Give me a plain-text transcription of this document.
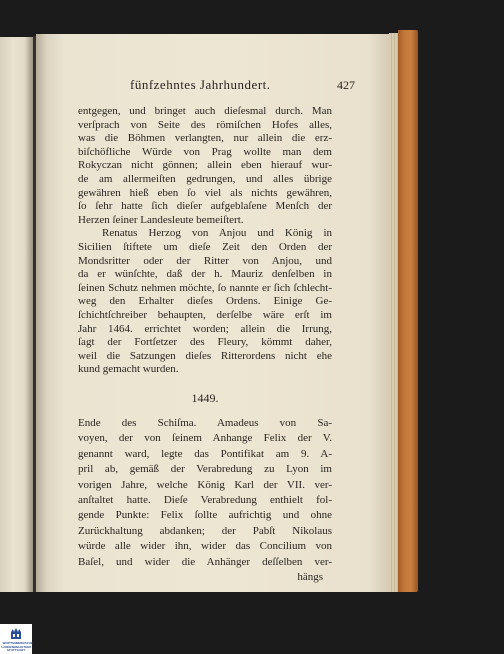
fünfzehntes Jahrhundert.	427
entgegen, und bringet auch dieſesmal durch. Man
verſprach von Seite des römiſchen Hofes alles,
was die Böhmen verlangten, nur allein die erz-
biſchöfliche Würde von Prag wollte man dem
Rokyczan nicht gönnen; allein eben hierauf wur-
de am allermeiſten gedrungen, und alles übrige
gewähren hieß eben ſo viel als nichts gewähren,
ſo ſehr hatte ſich dieſer aufgeblaſene Menſch der
Herzen ſeiner Landesleute bemeiſtert.
Renatus Herzog von Anjou und König in
Sicilien ſtiftete um dieſe Zeit den Orden der
Mondsritter oder der Ritter von Anjou, und
da er wünſchte, daß der h. Mauriz denſelben in
ſeinen Schutz nehmen möchte, ſo nannte er ſich ſchlecht-
weg den Erhalter dieſes Ordens. Einige Ge-
ſchichtſchreiber behaupten, derſelbe wäre erſt im
Jahr 1464. errichtet worden; allein die Irrung,
ſagt der Fortſetzer des Fleury, kömmt daher,
weil die Satzungen dieſes Ritterordens nicht ehe
kund gemacht wurden.
1449.
Ende des Schiſma. Amadeus von Sa-
voyen, der von ſeinem Anhange Felix der V.
genannt ward, legte das Pontifikat am 9. A-
pril ab, gemäß der Verabredung zu Lyon im
vorigen Jahre, welche König Karl der VII. ver-
anſtaltet hatte. Dieſe Verabredung enthielt fol-
gende Punkte: Felix ſollte aufrichtig und ohne
Zurückhaltung abdanken; der Pabſt Nikolaus
würde alle wider ihn, wider das Concilium von
Baſel, und wider die Anhänger deſſelben ver-
hängs
WÜRTTEMBERGISCHE
LANDESBIBLIOTHEK
STUTTGART
